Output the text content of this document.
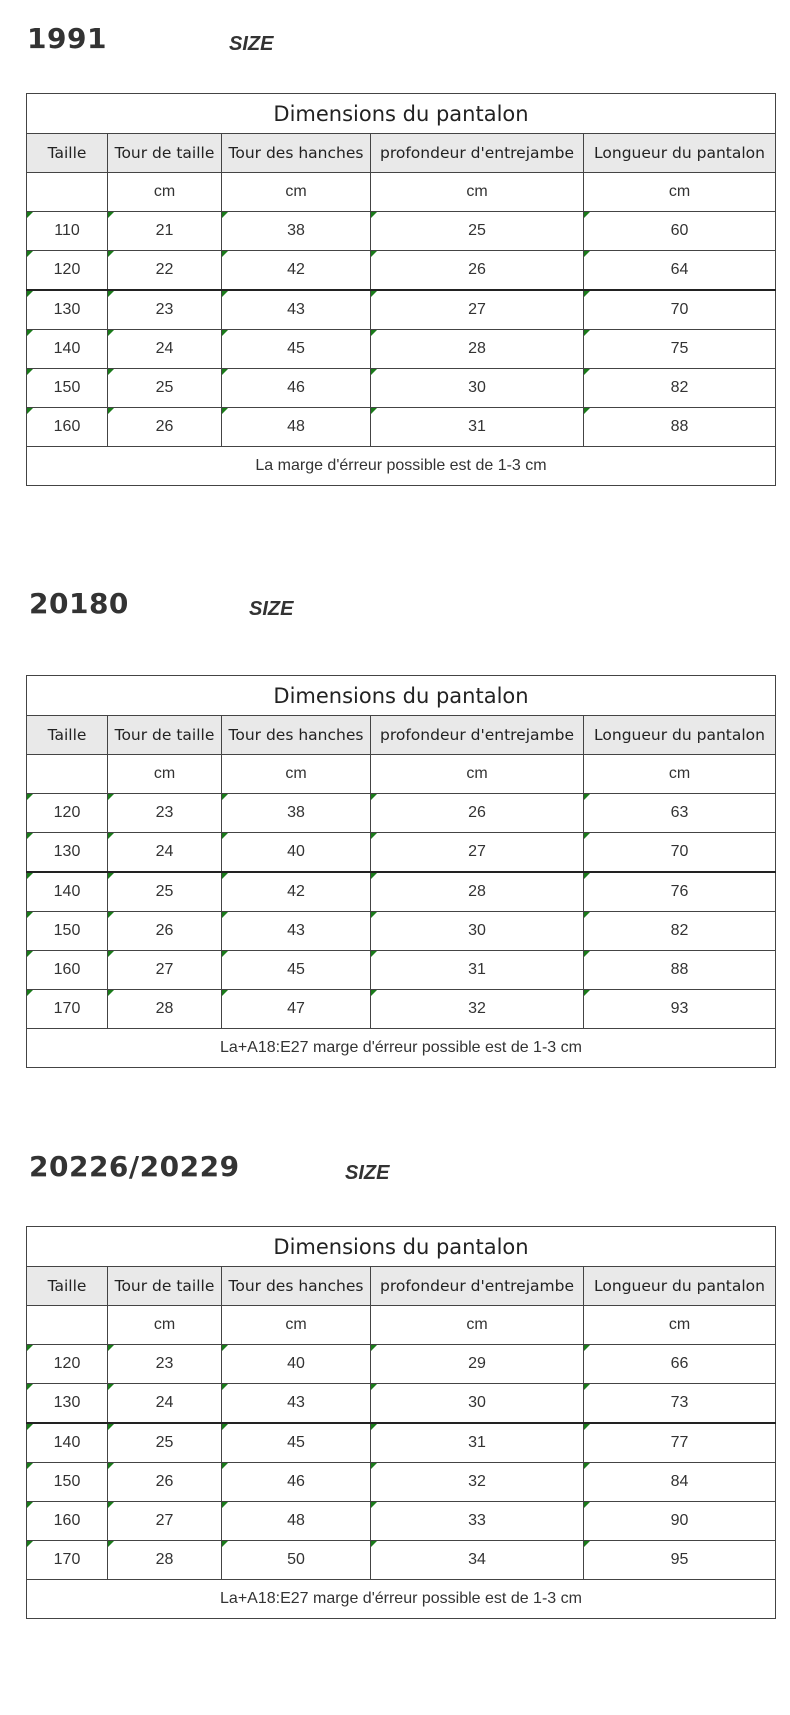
1991	SIZE
Dimensions du pantalon				
Taille	Tour de taille	Tour des hanches	profondeur d'entrejambe	Longueur du pantalon
	cm	cm	cm	cm
110	21	38	25	60

120	22	42	26	64

130	23	43	27	70

140	24	45	28	75

150	25	46	30	82

160	26	48	31	88

La marge d'érreur possible est de 1-3 cm				
20180	SIZE
Dimensions du pantalon				
Taille	Tour de taille	Tour des hanches	profondeur d'entrejambe	Longueur du pantalon
	cm	cm	cm	cm
120	23	38	26	63

130	24	40	27	70

140	25	42	28	76

150	26	43	30	82

160	27	45	31	88

170	28	47	32	93

La+A18:E27 marge d'érreur possible est de 1-3 cm				
20226/20229	SIZE
Dimensions du pantalon				
Taille	Tour de taille	Tour des hanches	profondeur d'entrejambe	Longueur du pantalon
	cm	cm	cm	cm
120	23	40	29	66

130	24	43	30	73

140	25	45	31	77

150	26	46	32	84

160	27	48	33	90

170	28	50	34	95

La+A18:E27 marge d'érreur possible est de 1-3 cm				
